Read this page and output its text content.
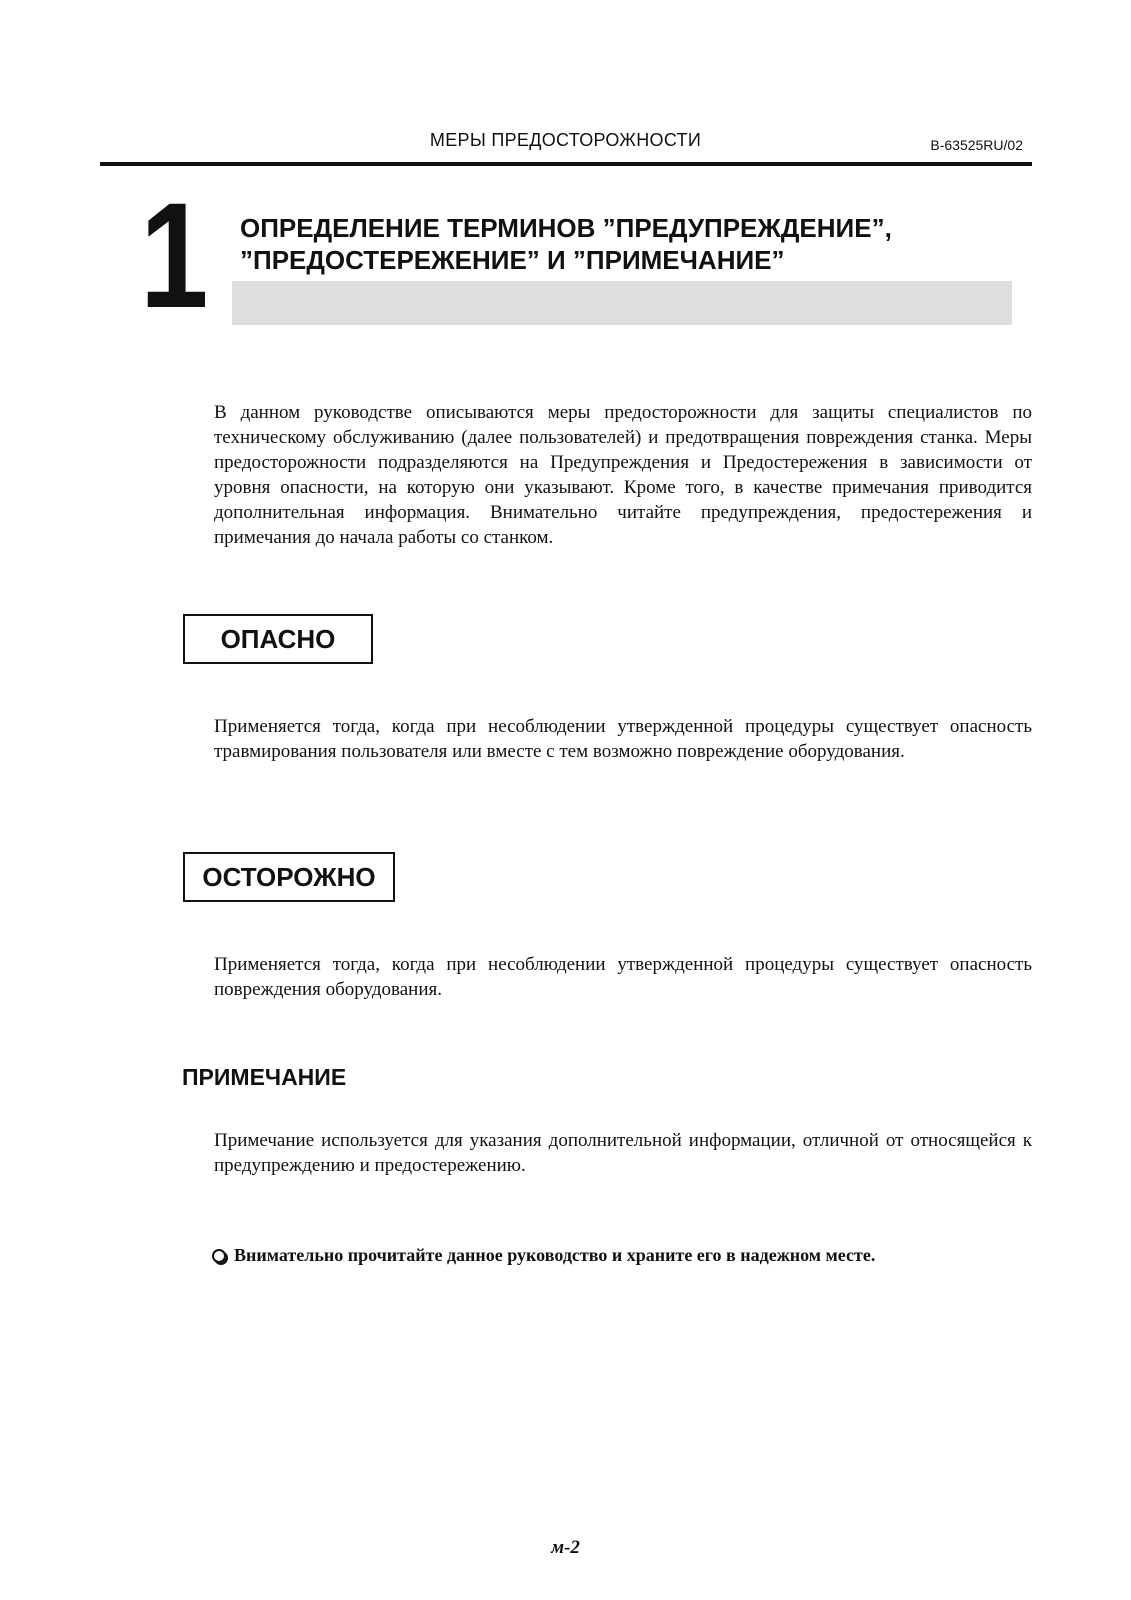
МЕРЫ ПРЕДОСТОРОЖНОСТИ	B-63525RU/02
1 ОПРЕДЕЛЕНИЕ ТЕРМИНОВ ”ПРЕДУПРЕЖДЕНИЕ”,
”ПРЕДОСТЕРЕЖЕНИЕ” И ”ПРИМЕЧАНИЕ”

В данном руководстве описываются меры предосторожности для защиты специалистов по техническому обслуживанию (далее пользователей) и предотвращения повреждения станка. Меры предосторожности подразделяются на Предупреждения и Предостережения в зависимости от уровня опасности, на которую они указывают. Кроме того, в качестве примечания приводится дополнительная информация. Внимательно читайте предупреждения, предостережения и примечания до начала работы со станком.

ОПАСНО

Применяется тогда, когда при несоблюдении утвержденной процедуры существует опасность травмирования пользователя или вместе с тем возможно повреждение оборудования.

ОСТОРОЖНО

Применяется тогда, когда при несоблюдении утвержденной процедуры существует опасность повреждения оборудования.

ПРИМЕЧАНИЕ

Примечание используется для указания дополнительной информации, отличной от относящейся к предупреждению и предостережению.

Внимательно прочитайте данное руководство и храните его в надежном месте.
м-2
